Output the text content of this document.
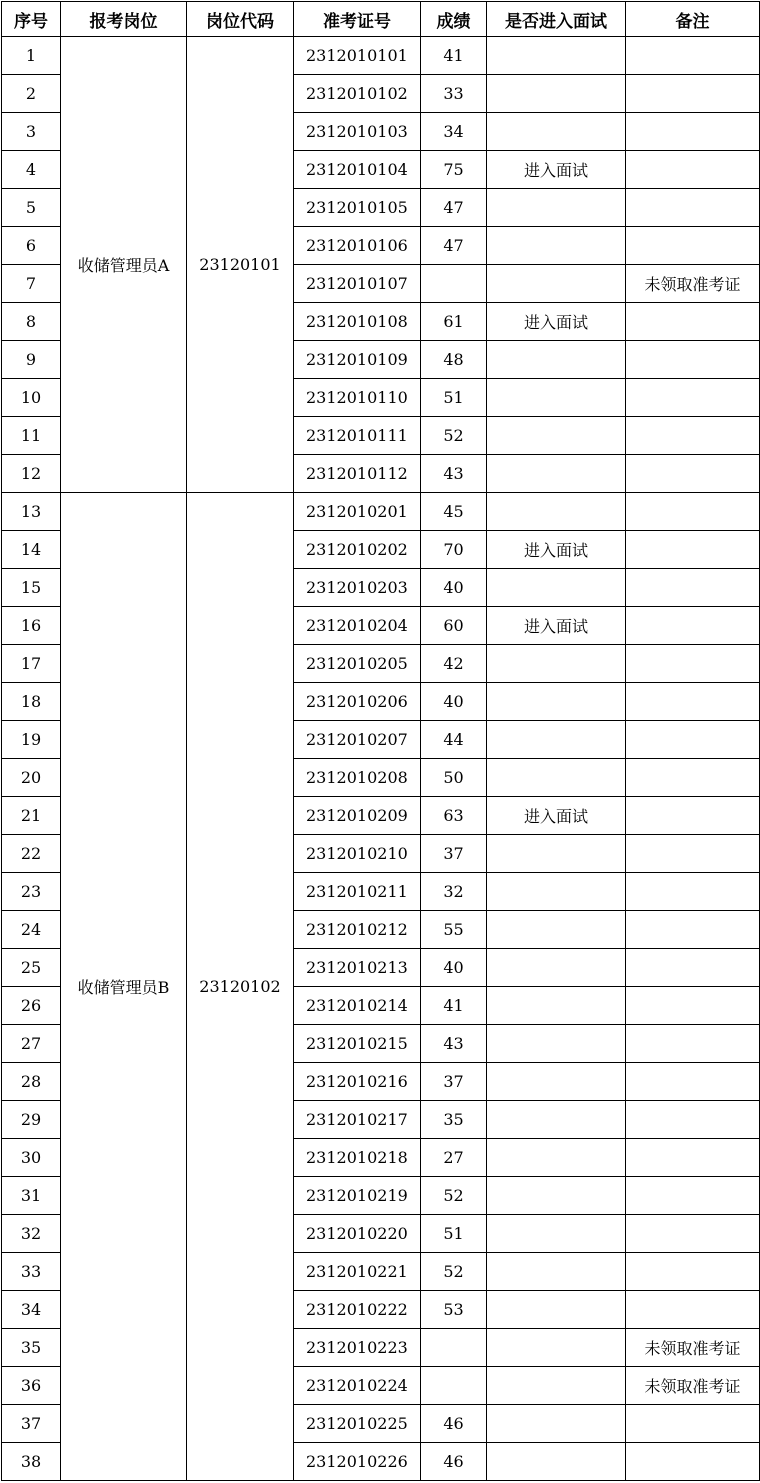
序号	报考岗位	岗位代码	准考证号	成绩	是否进入面试	备注
1	收储管理员A	23120101	2312010101	41		
2			2312010102	33		
3			2312010103	34		
4			2312010104	75	进入面试	
5			2312010105	47		
6			2312010106	47		
7			2312010107			未领取准考证
8			2312010108	61	进入面试	
9			2312010109	48		
10			2312010110	51		
11			2312010111	52		
12			2312010112	43		
13	收储管理员B	23120102	2312010201	45		
14			2312010202	70	进入面试	
15			2312010203	40		
16			2312010204	60	进入面试	
17			2312010205	42		
18			2312010206	40		
19			2312010207	44		
20			2312010208	50		
21			2312010209	63	进入面试	
22			2312010210	37		
23			2312010211	32		
24			2312010212	55		
25			2312010213	40		
26			2312010214	41		
27			2312010215	43		
28			2312010216	37		
29			2312010217	35		
30			2312010218	27		
31			2312010219	52		
32			2312010220	51		
33			2312010221	52		
34			2312010222	53		
35			2312010223			未领取准考证
36			2312010224			未领取准考证
37			2312010225	46		
38			2312010226	46		
